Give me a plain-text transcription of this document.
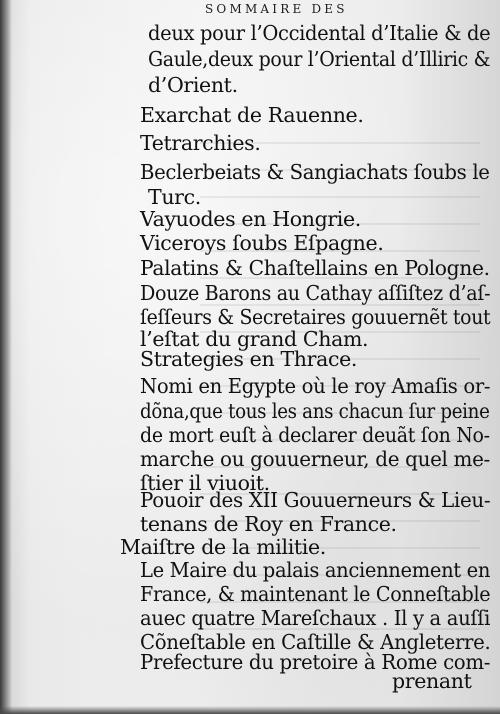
SOMMAIRE DES
deux pour l’Occidental d’Italie & de
Gaule,deux pour l’Oriental d’Illiric &
d’Orient.
Exarchat de Rauenne.
Tetrarchies.
Beclerbeiats & Sangiachats ſoubs le
Turc.
Vayuodes en Hongrie.
Viceroys ſoubs Eſpagne.
Palatins & Chaſtellains en Pologne.
Douze Barons au Cathay aſſiſtez d’aſ-
ſeſſeurs & Secretaires gouuernẽt tout
l’eſtat du grand Cham.
Strategies en Thrace.
Nomi en Egypte où le roy Amaſis or-
dõna,que tous les ans chacun ſur peine
de mort euſt à declarer deuãt ſon No-
marche ou gouuerneur, de quel me-
ſtier il viuoit.
Pouoir des XII Gouuerneurs & Lieu-
tenans de Roy en France.
Maiſtre de la militie.
Le Maire du palais anciennement en
France, & maintenant le Conneſtable
auec quatre Mareſchaux . Il y a auſſi
Cõneſtable en Caſtille & Angleterre.
Prefecture du pretoire à Rome com-
prenant
